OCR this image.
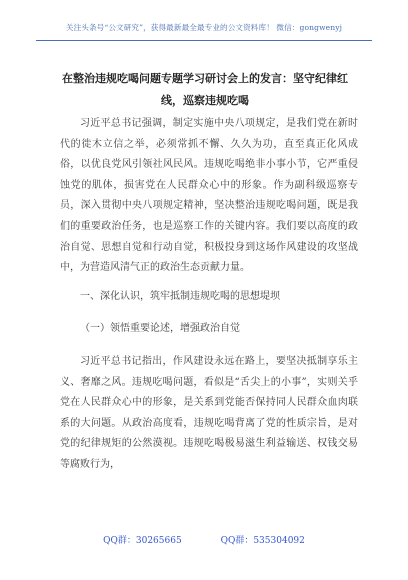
关注头条号“公文研究”，获得最新最全最专业的公文资料库！ 微信：gongwenyj
在整治违规吃喝问题专题学习研讨会上的发言：坚守纪律红线，巡察违规吃喝

习近平总书记强调，制定实施中央八项规定，是我们党在新时代的徙木立信之举，必须常抓不懈、久久为功，直至真正化风成俗，以优良党风引领社风民风。违规吃喝绝非小事小节，它严重侵蚀党的肌体，损害党在人民群众心中的形象。作为副科级巡察专员，深入贯彻中央八项规定精神，坚决整治违规吃喝问题，既是我们的重要政治任务，也是巡察工作的关键内容。我们要以高度的政治自觉、思想自觉和行动自觉，积极投身到这场作风建设的攻坚战中，为营造风清气正的政治生态贡献力量。

一、深化认识，筑牢抵制违规吃喝的思想堤坝

（一）领悟重要论述，增强政治自觉

习近平总书记指出，作风建设永远在路上，要坚决抵制享乐主义、奢靡之风。违规吃喝问题，看似是“舌尖上的小事”，实则关乎党在人民群众心中的形象，是关系到党能否保持同人民群众血肉联系的大问题。从政治高度看，违规吃喝背离了党的性质宗旨，是对党的纪律规矩的公然漠视。违规吃喝极易滋生利益输送、权钱交易等腐败行为，

QQ群：30265665	QQ群：535304092
